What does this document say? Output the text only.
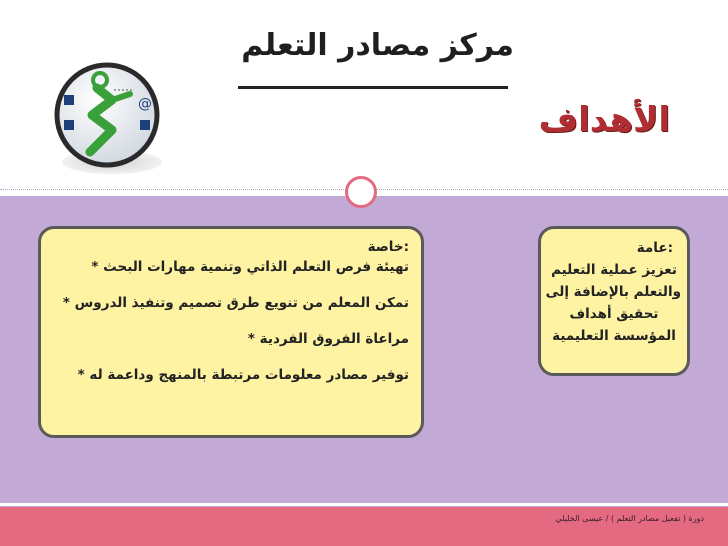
مركز مصادر التعلم
الأهداف
@
:عامة
تعزيز عملية التعليم
والتعلم بالإضافة إلى
تحقيق أهداف
المؤسسة التعليمية
:خاصة
تهيئة فرص التعلم الذاتي وتنمية مهارات البحث *
تمكن المعلم من تنويع طرق تصميم وتنفيذ الدروس *
مراعاة الفروق الفردية *
توفير مصادر معلومات مرتبطة بالمنهج وداعمة له *
دورة ( تفعيل مصادر التعلم ) / عيسى الخليلي
